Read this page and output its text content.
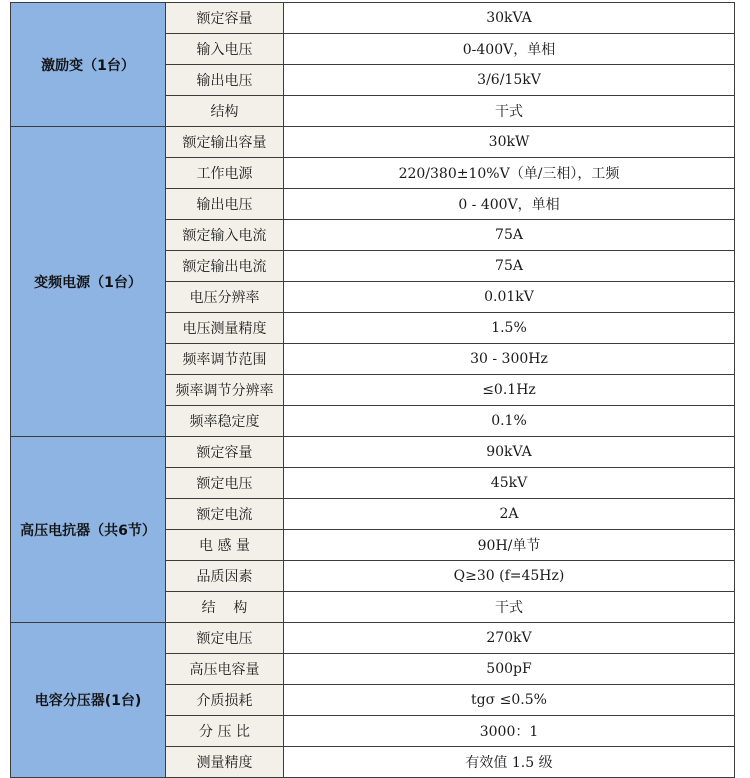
激励变（1台）	额定容量	30kVA
	输入电压	0-400V，单相
	输出电压	3/6/15kV
	结构	干式
变频电源（1台）	额定输出容量	30kW
	工作电源	220/380±10%V（单/三相），工频
	输出电压	0 - 400V，单相
	额定输入电流	75A
	额定输出电流	75A
	电压分辨率	0.01kV
	电压测量精度	1.5%
	频率调节范围	30 - 300Hz
	频率调节分辨率	≤0.1Hz
	频率稳定度	0.1%
高压电抗器（共6节）	额定容量	90kVA
	额定电压	45kV
	额定电流	2A
	电 感 量	90H/单节
	品质因素	Q≥30 (f=45Hz)
	结    构	干式
电容分压器(1台)	额定电压	270kV
	高压电容量	500pF
	介质损耗	tgσ ≤0.5%
	分 压 比	3000：1
	测量精度	有效值 1.5 级
